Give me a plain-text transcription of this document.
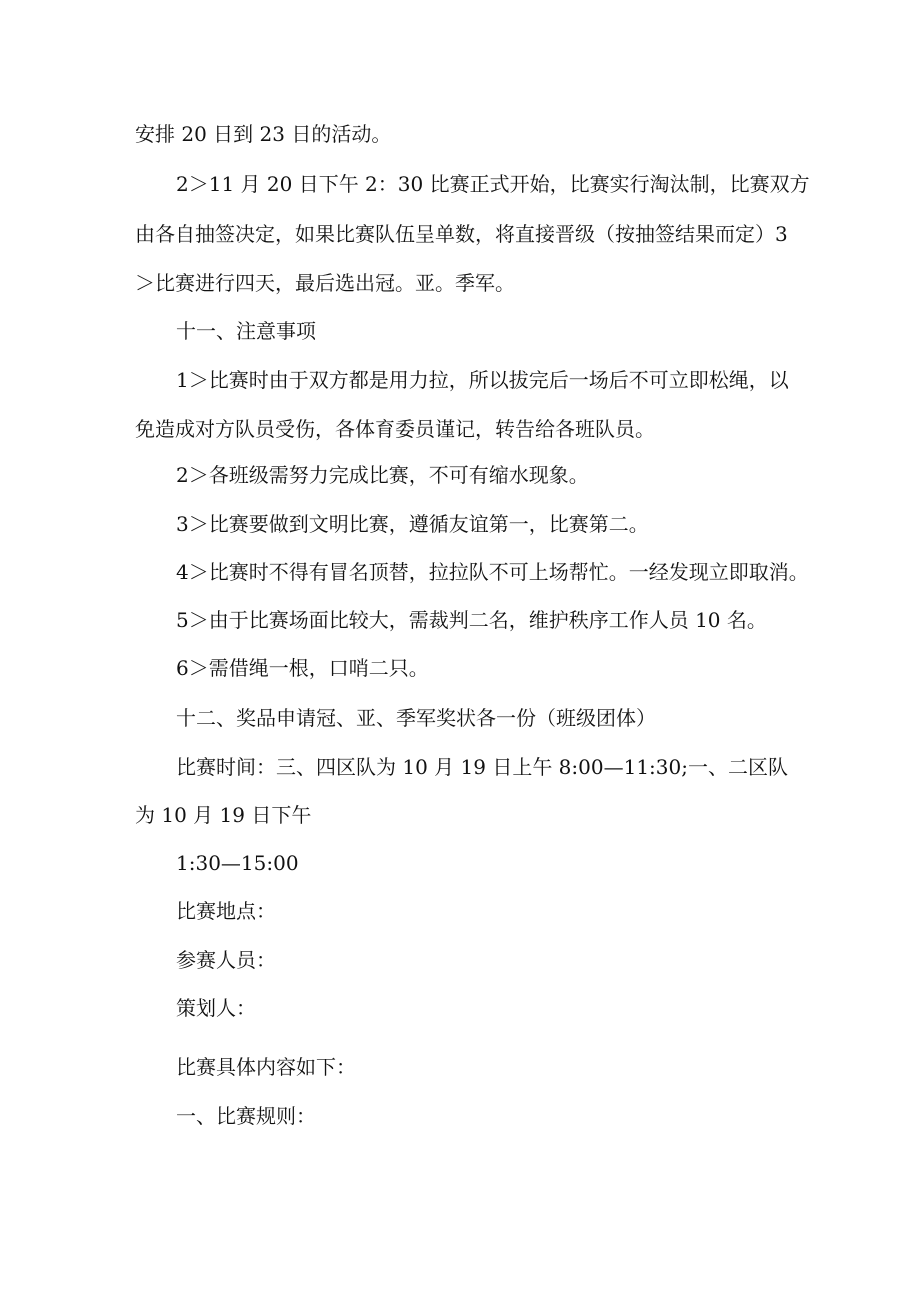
安排 20 日到 23 日的活动。
2＞11 月 20 日下午 2：30 比赛正式开始，比赛实行淘汰制，比赛双方
由各自抽签决定，如果比赛队伍呈单数，将直接晋级（按抽签结果而定）3
＞比赛进行四天，最后选出冠。亚。季军。
十一、注意事项
1＞比赛时由于双方都是用力拉，所以拔完后一场后不可立即松绳，以
免造成对方队员受伤，各体育委员谨记，转告给各班队员。
2＞各班级需努力完成比赛，不可有缩水现象。
3＞比赛要做到文明比赛，遵循友谊第一，比赛第二。
4＞比赛时不得有冒名顶替，拉拉队不可上场帮忙。一经发现立即取消。
5＞由于比赛场面比较大，需裁判二名，维护秩序工作人员 10 名。
6＞需借绳一根，口哨二只。
十二、奖品申请冠、亚、季军奖状各一份（班级团体）
比赛时间：三、四区队为 10 月 19 日上午 8:00—11:30;一、二区队
为 10 月 19 日下午
1:30—15:00
比赛地点：
参赛人员：
策划人：
比赛具体内容如下：
一、比赛规则：
